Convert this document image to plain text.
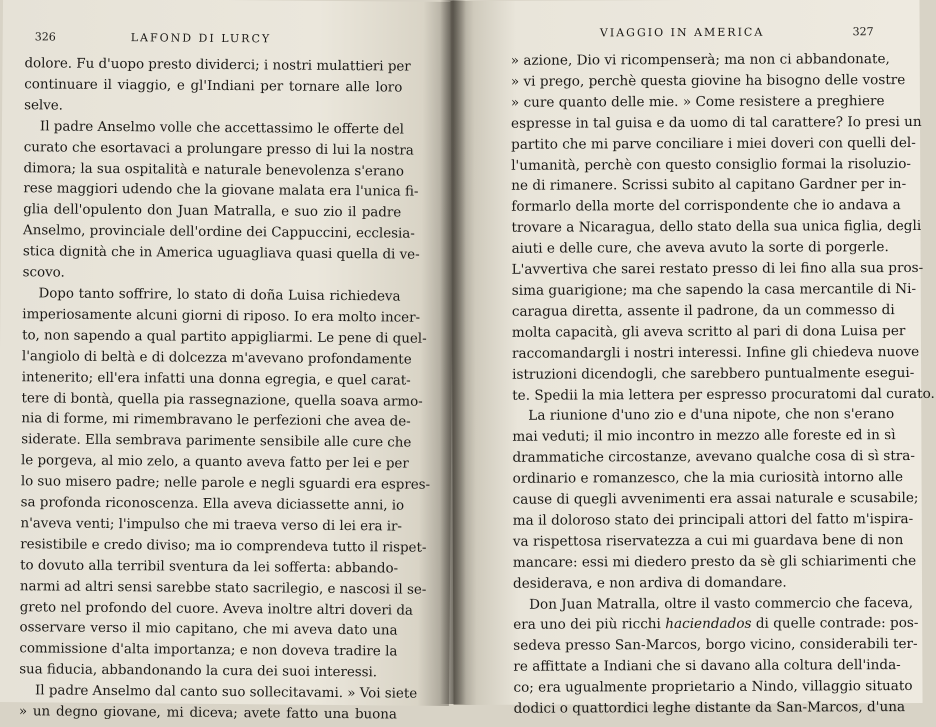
326	LAFOND DI LURCY
dolore. Fu d'uopo presto dividerci; i nostri mulattieri per
continuare il viaggio, e gl'Indiani per tornare alle loro
selve.
Il padre Anselmo volle che accettassimo le offerte del
curato che esortavaci a prolungare presso di lui la nostra
dimora; la sua ospitalità e naturale benevolenza s'erano
rese maggiori udendo che la giovane malata era l'unica fi-
glia dell'opulento don Juan Matralla, e suo zio il padre
Anselmo, provinciale dell'ordine dei Cappuccini, ecclesia-
stica dignità che in America uguagliava quasi quella di ve-
scovo.
Dopo tanto soffrire, lo stato di doña Luisa richiedeva
imperiosamente alcuni giorni di riposo. Io era molto incer-
to, non sapendo a qual partito appigliarmi. Le pene di quel-
l'angiolo di beltà e di dolcezza m'avevano profondamente
intenerito; ell'era infatti una donna egregia, e quel carat-
tere di bontà, quella pia rassegnazione, quella soava armo-
nia di forme, mi rimembravano le perfezioni che avea de-
siderate. Ella sembrava parimente sensibile alle cure che
le porgeva, al mio zelo, a quanto aveva fatto per lei e per
lo suo misero padre; nelle parole e negli sguardi era espres-
sa profonda riconoscenza. Ella aveva diciassette anni, io
n'aveva venti; l'impulso che mi traeva verso di lei era ir-
resistibile e credo diviso; ma io comprendeva tutto il rispet-
to dovuto alla terribil sventura da lei sofferta: abbando-
narmi ad altri sensi sarebbe stato sacrilegio, e nascosi il se-
greto nel profondo del cuore. Aveva inoltre altri doveri da
osservare verso il mio capitano, che mi aveva dato una
commissione d'alta importanza; e non doveva tradire la
sua fiducia, abbandonando la cura dei suoi interessi.
Il padre Anselmo dal canto suo sollecitavami. » Voi siete
» un degno giovane, mi diceva; avete fatto una buona
VIAGGIO IN AMERICA	327
» azione, Dio vi ricompenserà; ma non ci abbandonate,
» vi prego, perchè questa giovine ha bisogno delle vostre
» cure quanto delle mie. » Come resistere a preghiere
espresse in tal guisa e da uomo di tal carattere? Io presi un
partito che mi parve conciliare i miei doveri con quelli del-
l'umanità, perchè con questo consiglio formai la risoluzio-
ne di rimanere. Scrissi subito al capitano Gardner per in-
formarlo della morte del corrispondente che io andava a
trovare a Nicaragua, dello stato della sua unica figlia, degli
aiuti e delle cure, che aveva avuto la sorte di porgerle.
L'avvertiva che sarei restato presso di lei fino alla sua pros-
sima guarigione; ma che sapendo la casa mercantile di Ni-
caragua diretta, assente il padrone, da un commesso di
molta capacità, gli aveva scritto al pari di dona Luisa per
raccomandargli i nostri interessi. Infine gli chiedeva nuove
istruzioni dicendogli, che sarebbero puntualmente esegui-
te. Spedii la mia lettera per espresso procuratomi dal curato.
La riunione d'uno zio e d'una nipote, che non s'erano
mai veduti; il mio incontro in mezzo alle foreste ed in sì
drammatiche circostanze, avevano qualche cosa di sì stra-
ordinario e romanzesco, che la mia curiosità intorno alle
cause di quegli avvenimenti era assai naturale e scusabile;
ma il doloroso stato dei principali attori del fatto m'ispira-
va rispettosa riservatezza a cui mi guardava bene di non
mancare: essi mi diedero presto da sè gli schiarimenti che
desiderava, e non ardiva di domandare.
Don Juan Matralla, oltre il vasto commercio che faceva,
era uno dei più ricchi haciendados di quelle contrade: pos-
sedeva presso San-Marcos, borgo vicino, considerabili ter-
re affittate a Indiani che si davano alla coltura dell'inda-
co; era ugualmente proprietario a Nindo, villaggio situato
dodici o quattordici leghe distante da San-Marcos, d'una
